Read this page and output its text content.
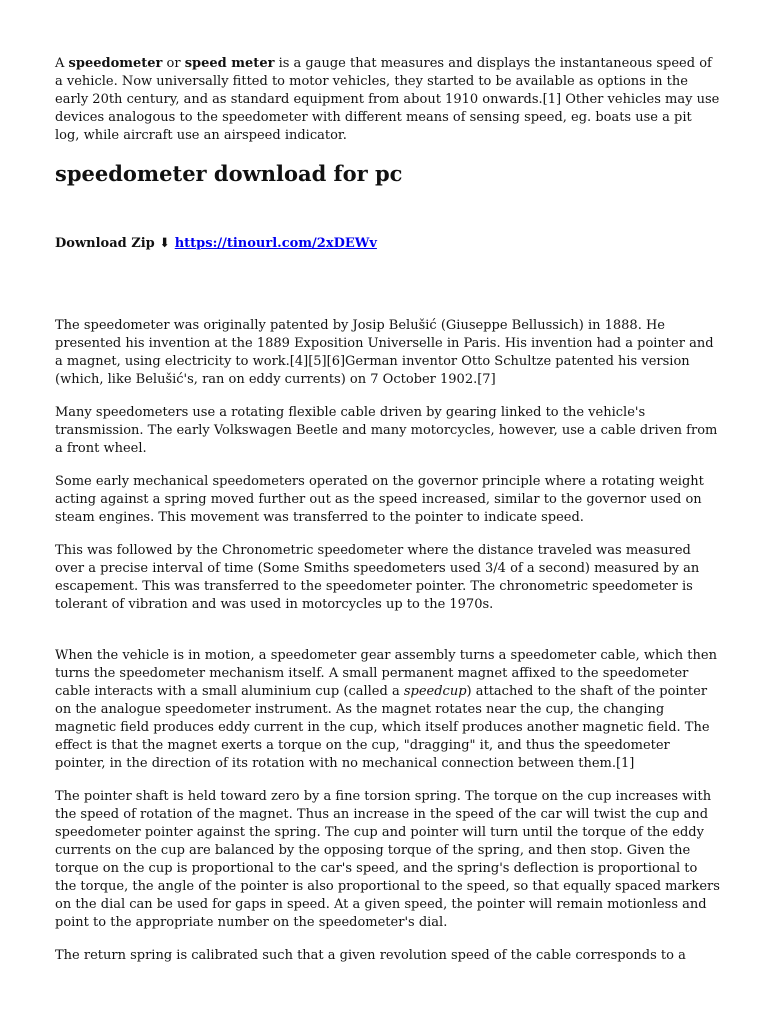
A speedometer or speed meter is a gauge that measures and displays the instantaneous speed of a vehicle. Now universally fitted to motor vehicles, they started to be available as options in the early 20th century, and as standard equipment from about 1910 onwards.[1] Other vehicles may use devices analogous to the speedometer with different means of sensing speed, eg. boats use a pit log, while aircraft use an airspeed indicator.

speedometer download for pc

Download Zip ⬇ https://tinourl.com/2xDEWv

The speedometer was originally patented by Josip Belušić (Giuseppe Bellussich) in 1888. He presented his invention at the 1889 Exposition Universelle in Paris. His invention had a pointer and a magnet, using electricity to work.[4][5][6]German inventor Otto Schultze patented his version (which, like Belušić's, ran on eddy currents) on 7 October 1902.[7]

Many speedometers use a rotating flexible cable driven by gearing linked to the vehicle's transmission. The early Volkswagen Beetle and many motorcycles, however, use a cable driven from a front wheel.

Some early mechanical speedometers operated on the governor principle where a rotating weight acting against a spring moved further out as the speed increased, similar to the governor used on steam engines. This movement was transferred to the pointer to indicate speed.

This was followed by the Chronometric speedometer where the distance traveled was measured over a precise interval of time (Some Smiths speedometers used 3/4 of a second) measured by an escapement. This was transferred to the speedometer pointer. The chronometric speedometer is tolerant of vibration and was used in motorcycles up to the 1970s.

When the vehicle is in motion, a speedometer gear assembly turns a speedometer cable, which then turns the speedometer mechanism itself. A small permanent magnet affixed to the speedometer cable interacts with a small aluminium cup (called a speedcup) attached to the shaft of the pointer on the analogue speedometer instrument. As the magnet rotates near the cup, the changing magnetic field produces eddy current in the cup, which itself produces another magnetic field. The effect is that the magnet exerts a torque on the cup, "dragging" it, and thus the speedometer pointer, in the direction of its rotation with no mechanical connection between them.[1]

The pointer shaft is held toward zero by a fine torsion spring. The torque on the cup increases with the speed of rotation of the magnet. Thus an increase in the speed of the car will twist the cup and speedometer pointer against the spring. The cup and pointer will turn until the torque of the eddy currents on the cup are balanced by the opposing torque of the spring, and then stop. Given the torque on the cup is proportional to the car's speed, and the spring's deflection is proportional to the torque, the angle of the pointer is also proportional to the speed, so that equally spaced markers on the dial can be used for gaps in speed. At a given speed, the pointer will remain motionless and point to the appropriate number on the speedometer's dial.

The return spring is calibrated such that a given revolution speed of the cable corresponds to a
